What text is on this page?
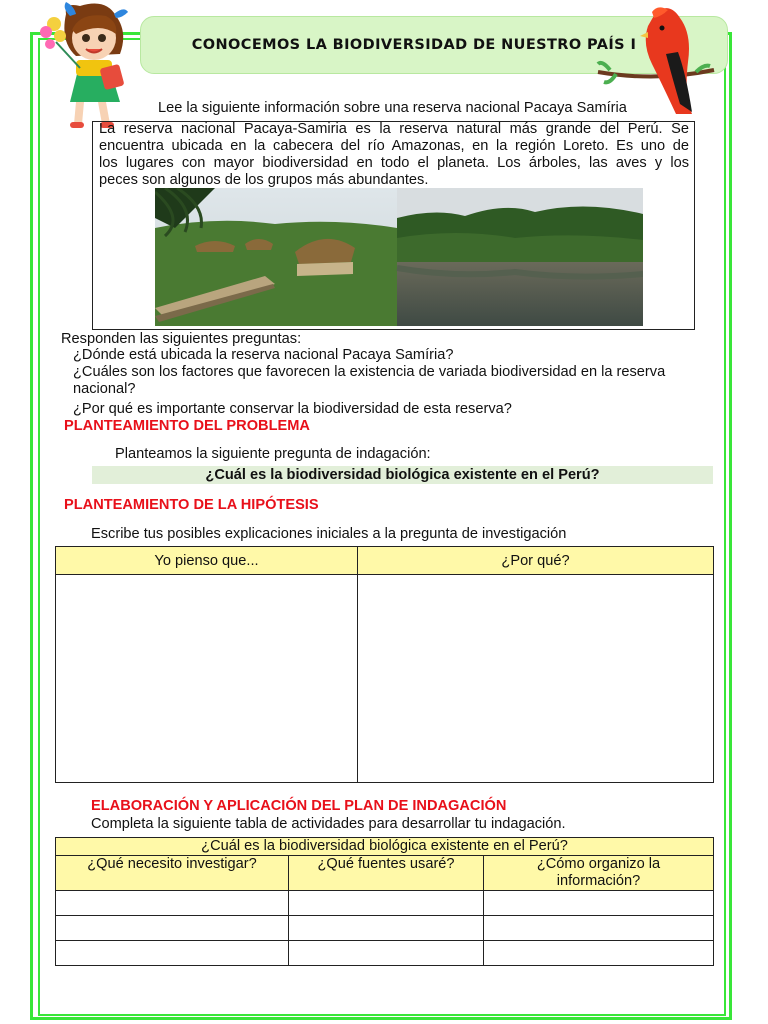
CONOCEMOS LA BIODIVERSIDAD DE NUESTRO PAÍS I
Lee la siguiente información sobre una reserva nacional Pacaya Samíria
La reserva nacional Pacaya-Samiria es la reserva natural más grande del Perú. Se
encuentra ubicada en la cabecera del río Amazonas, en la región Loreto. Es uno de
los lugares con mayor biodiversidad en todo el planeta. Los árboles, las aves y los
peces son algunos de los grupos más abundantes.
Responden las siguientes preguntas:
¿Dónde está ubicada la reserva nacional Pacaya Samíria?
¿Cuáles son los factores que favorecen la existencia de variada biodiversidad en la reserva
nacional?
¿Por qué es importante conservar la biodiversidad de esta reserva?
PLANTEAMIENTO DEL PROBLEMA
Planteamos la siguiente pregunta de indagación:
¿Cuál es la biodiversidad biológica existente en el Perú?
PLANTEAMIENTO DE LA HIPÓTESIS
Escribe tus posibles explicaciones iniciales a la pregunta de investigación
Yo pienso que...	¿Por qué?

ELABORACIÓN Y APLICACIÓN DEL PLAN DE INDAGACIÓN
Completa la siguiente tabla de actividades para desarrollar tu indagación.
¿Cuál es la biodiversidad biológica existente en el Perú?		
¿Qué necesito investigar?	¿Qué fuentes usaré?	¿Cómo organizo la
información?
